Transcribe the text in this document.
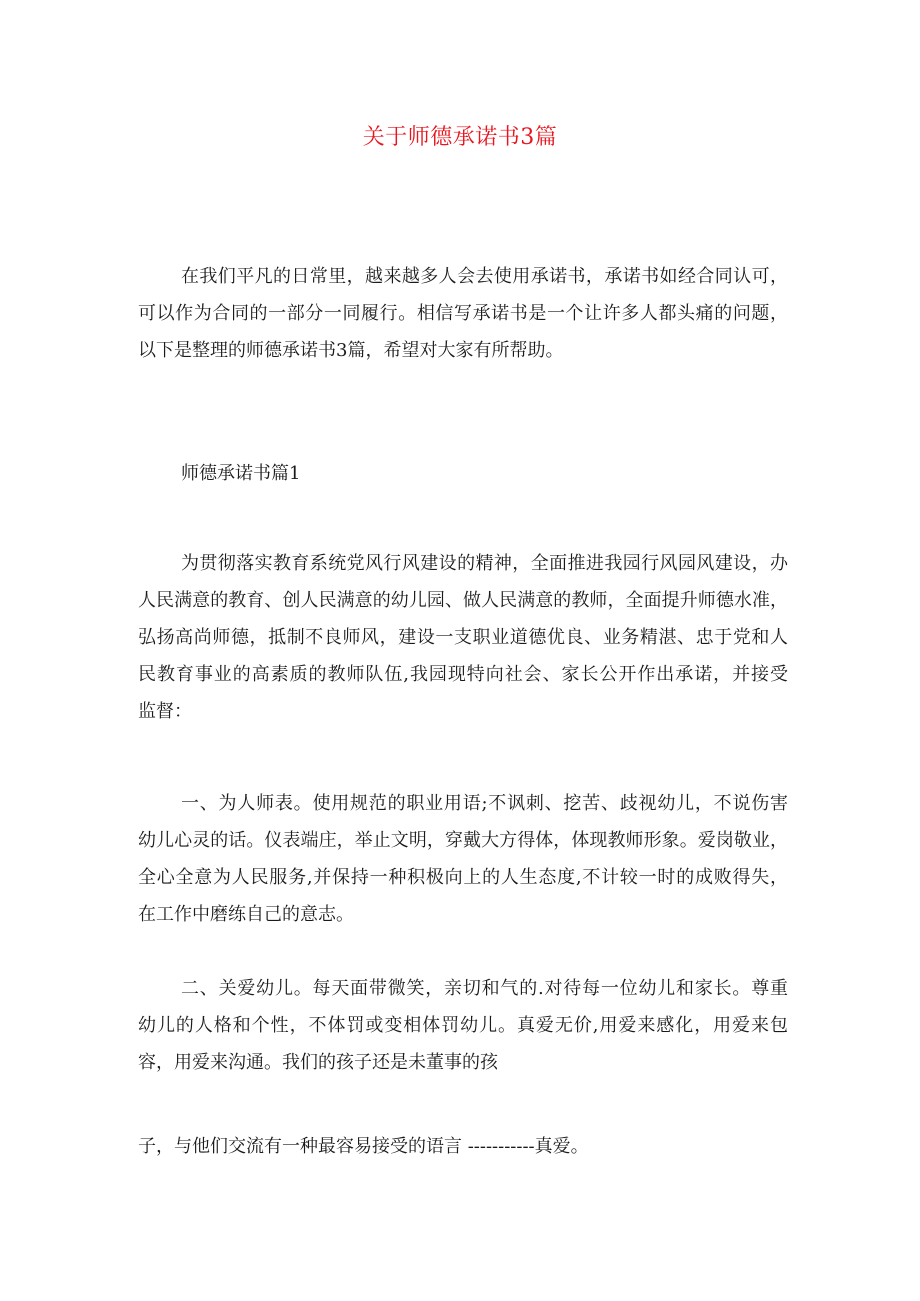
关于师德承诺书3篇
在我们平凡的日常里，越来越多人会去使用承诺书，承诺书如经合同认可，
可以作为合同的一部分一同履行。相信写承诺书是一个让许多人都头痛的问题，
以下是整理的师德承诺书3篇，希望对大家有所帮助。
师德承诺书篇1
为贯彻落实教育系统党风行风建设的精神，全面推进我园行风园风建设，办
人民满意的教育、创人民满意的幼儿园、做人民满意的教师，全面提升师德水准，
弘扬高尚师德，抵制不良师风，建设一支职业道德优良、业务精湛、忠于党和人
民教育事业的高素质的教师队伍,我园现特向社会、家长公开作出承诺，并接受
监督：
一、为人师表。使用规范的职业用语;不讽刺、挖苦、歧视幼儿，不说伤害
幼儿心灵的话。仪表端庄，举止文明，穿戴大方得体，体现教师形象。爱岗敬业，
全心全意为人民服务,并保持一种积极向上的人生态度,不计较一时的成败得失，
在工作中磨练自己的意志。
二、关爱幼儿。每天面带微笑，亲切和气的.对待每一位幼儿和家长。尊重
幼儿的人格和个性，不体罚或变相体罚幼儿。真爱无价,用爱来感化，用爱来包
容，用爱来沟通。我们的孩子还是未董事的孩
子，与他们交流有一种最容易接受的语言 -----------真爱。
